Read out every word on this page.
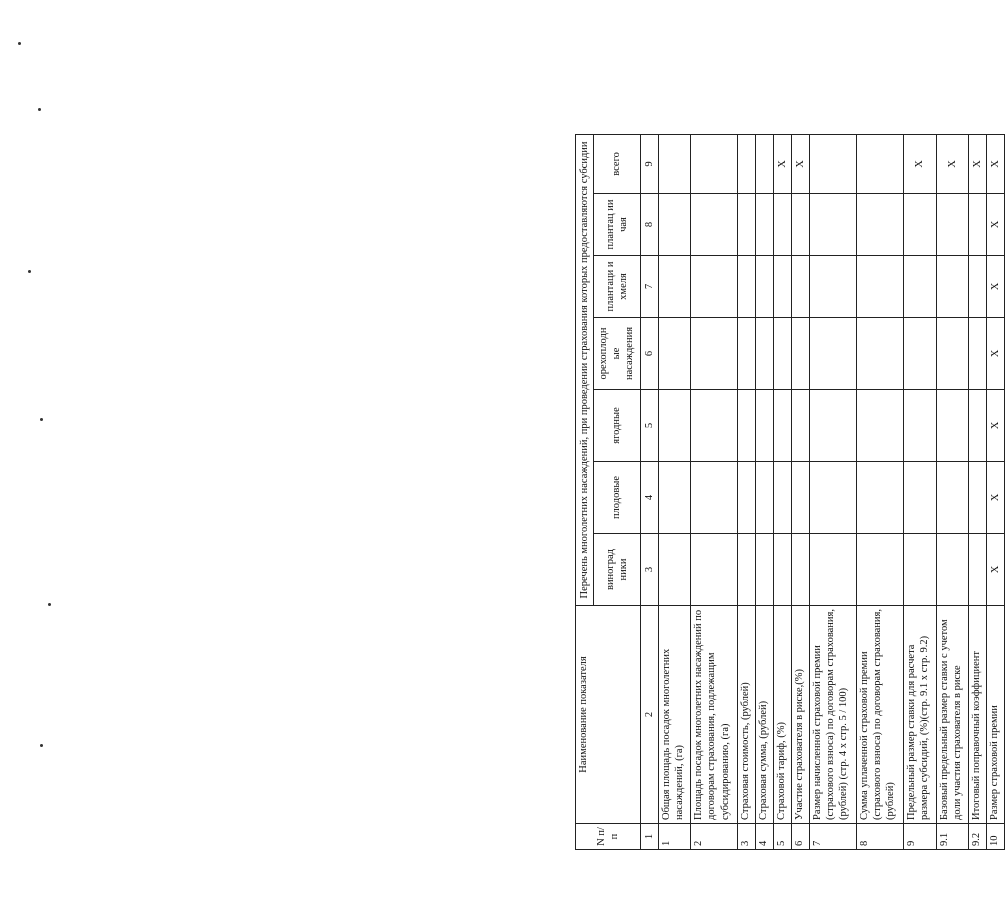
N п/п	Наименование показателя	Перечень многолетних насаждений, при проведении страхования которых предоставляются субсидии						
		виноград ники	плодовые	ягодные	орехоплодн ые насаждения	плантаци и хмеля	плантац ии чая	всего
1	2	3	4	5	6	7	8	9
1	Общая площадь посадок многолетних насаждений, (га)							
2	Площадь посадок многолетних насаждений по договорам страхования, подлежащим субсидированию, (га)							
3	Страховая стоимость, (рублей)							
4	Страховая сумма, (рублей)							
5	Страховой тариф, (%)							X
6	Участие страхователя в риске,(%)							X
7	Размер начисленной страховой премии (страхового взноса) по договорам страхования, (рублей) (стр. 4 х стр. 5 / 100)							
8	Сумма уплаченной страховой премии (страхового взноса) по договорам страхования, (рублей)							
9	Предельный размер ставки для расчета размера субсидий, (%)(стр. 9.1 х стр. 9.2)							X
9.1	Базовый предельный размер ставки с учетом доли участия страхователя в риске							X
9.2	Итоговый поправочный коэффициент							X
10	Размер страховой премии	X	X	X	X	X	X	X
